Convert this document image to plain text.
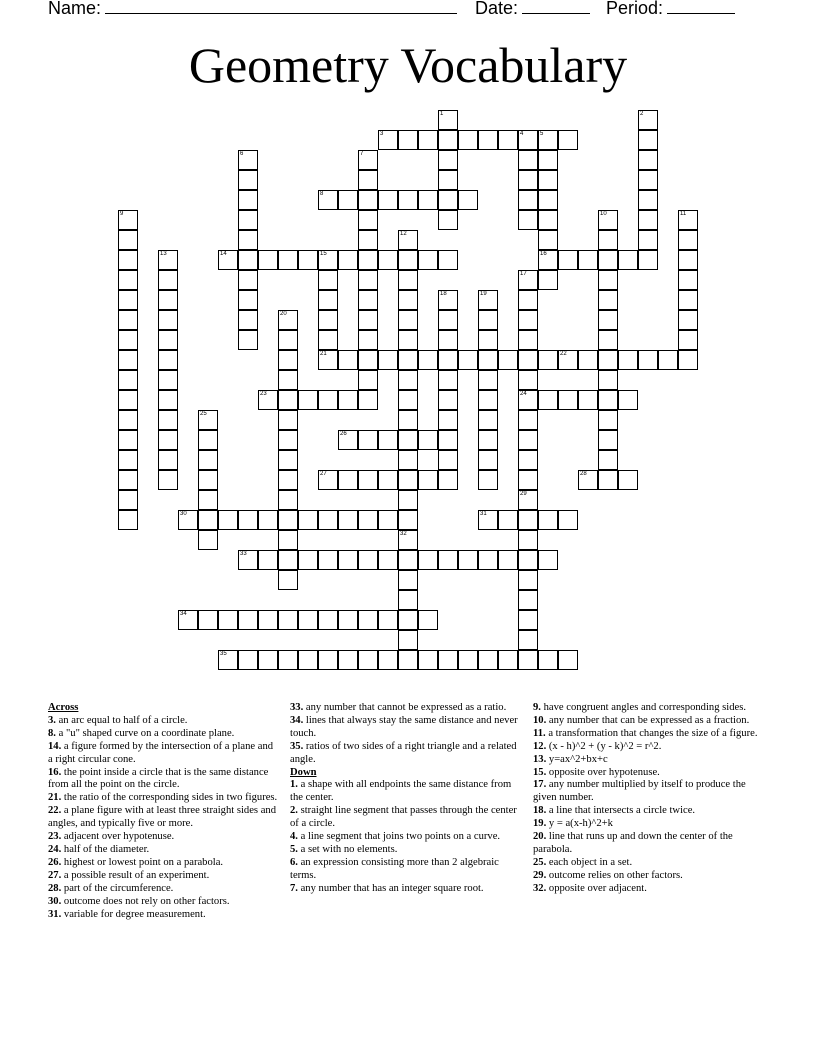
Name:	Date:	Period:
Geometry Vocabulary
1	2
3	4	5
16
6	7
8
9	10	11
12
13	14	15
17
24
18	19
20
21	22
23
25
26
27	28
29
30	31
32
33
34
35
Across

3. an arc equal to half of a circle.

8. a "u" shaped curve on a coordinate plane.

14. a figure formed by the intersection of a plane and a right circular cone.

16. the point inside a circle that is the same distance from all the point on the circle.

21. the ratio of the corresponding sides in two figures.

22. a plane figure with at least three straight sides and angles, and typically five or more.

23. adjacent over hypotenuse.

24. half of the diameter.

26. highest or lowest point on a parabola.

27. a possible result of an experiment.

28. part of the circumference.

30. outcome does not rely on other factors.

31. variable for degree measurement.

33. any number that cannot be expressed as a ratio.

34. lines that always stay the same distance and never touch.

35. ratios of two sides of a right triangle and a related angle.

Down

1. a shape with all endpoints the same distance from the center.

2. straight line segment that passes through the center of a circle.

4. a line segment that joins two points on a curve.

5. a set with no elements.

6. an expression consisting more than 2 algebraic terms.

7. any number that has an integer square root.

9. have congruent angles and corresponding sides.

10. any number that can be expressed as a fraction.

11. a transformation that changes the size of a figure.

12. (x - h)^2 + (y - k)^2 = r^2.

13. y=ax^2+bx+c

15. opposite over hypotenuse.

17. any number multiplied by itself to produce the given number.

18. a line that intersects a circle twice.

19. y = a(x-h)^2+k

20. line that runs up and down the center of the parabola.

25. each object in a set.

29. outcome relies on other factors.

32. opposite over adjacent.
